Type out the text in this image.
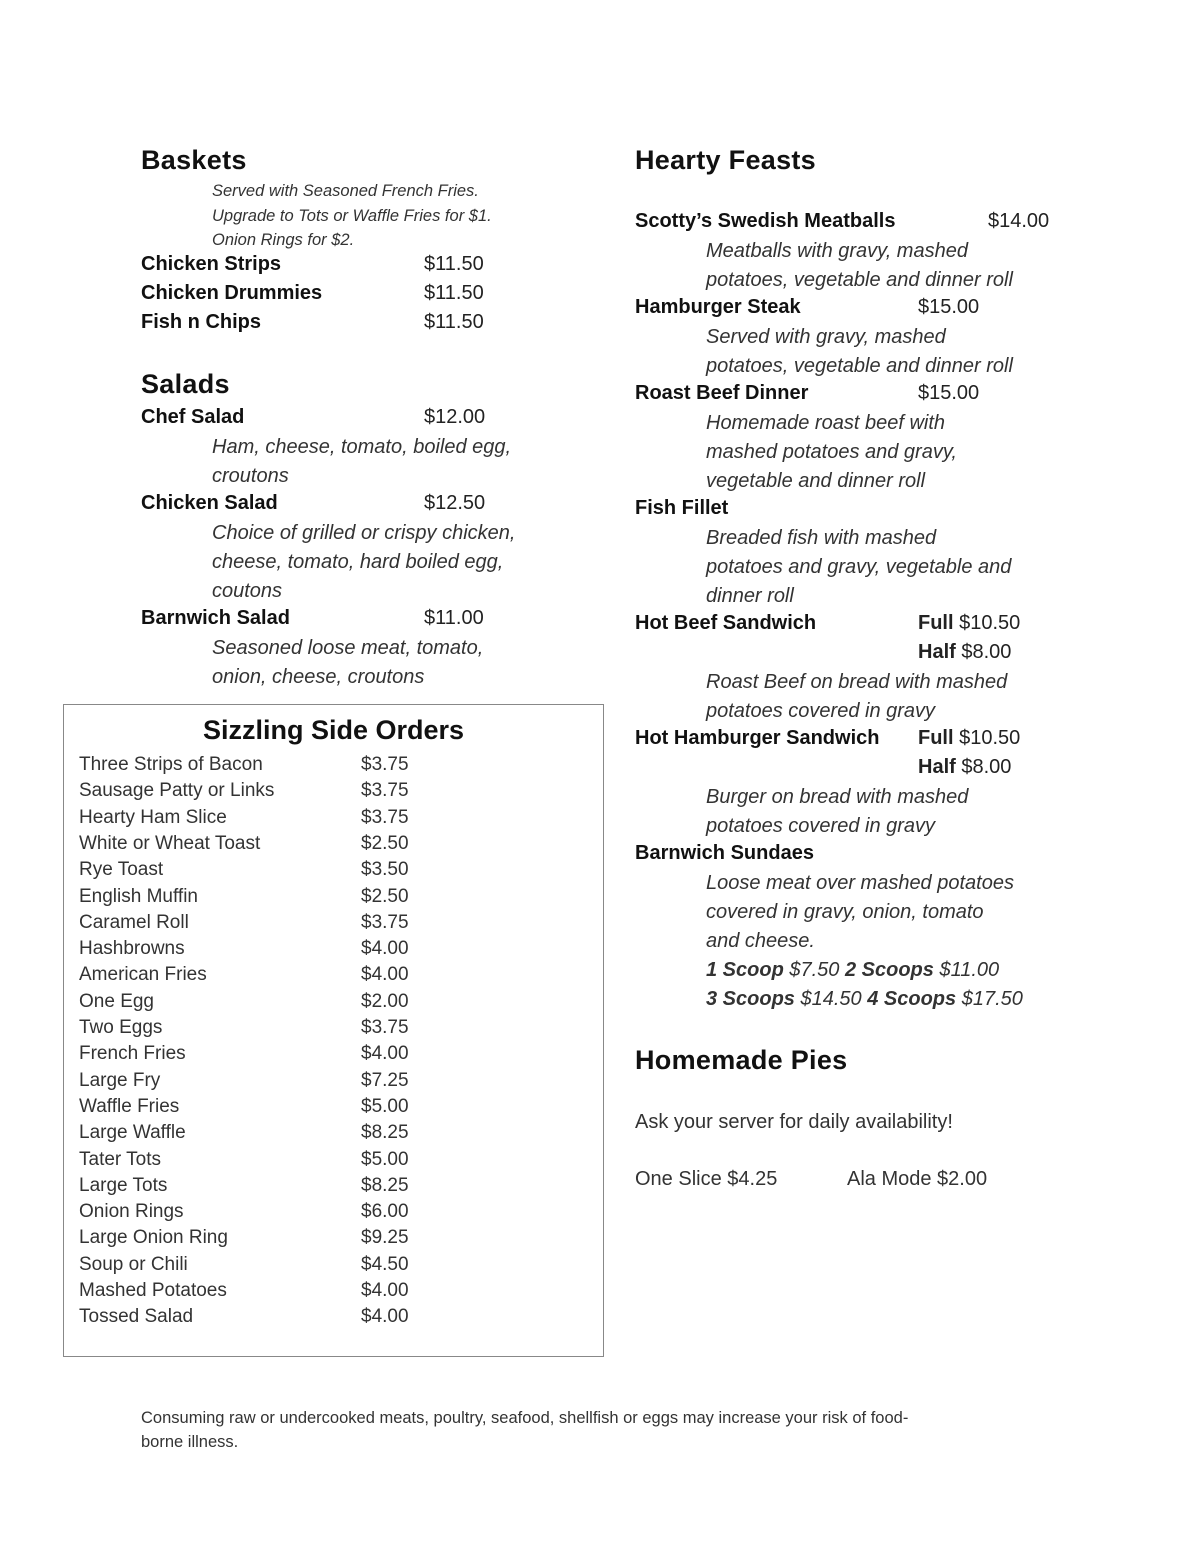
Baskets
Served with Seasoned French Fries.
Upgrade to Tots or Waffle Fries for $1.
Onion Rings for $2.
Chicken Strips	$11.50
Chicken Drummies	$11.50
Fish n Chips	$11.50
Salads
Chef Salad	$12.00
Ham, cheese, tomato, boiled egg,
croutons
Chicken Salad	$12.50
Choice of grilled or crispy chicken,
cheese, tomato, hard boiled egg,
coutons
Barnwich Salad	$11.00
Seasoned loose meat, tomato,
onion, cheese, croutons
Sizzling Side Orders
Three Strips of Bacon	$3.75
Sausage Patty or Links	$3.75
Hearty Ham Slice	$3.75
White or Wheat Toast	$2.50
Rye Toast	$3.50
English Muffin	$2.50
Caramel Roll	$3.75
Hashbrowns	$4.00
American Fries	$4.00
One Egg	$2.00
Two Eggs	$3.75
French Fries	$4.00
Large Fry	$7.25
Waffle Fries	$5.00
Large Waffle	$8.25
Tater Tots	$5.00
Large Tots	$8.25
Onion Rings	$6.00
Large Onion Ring	$9.25
Soup or Chili	$4.50
Mashed Potatoes	$4.00
Tossed Salad	$4.00
Hearty Feasts
Scotty’s Swedish Meatballs	$14.00
Meatballs with gravy, mashed
potatoes, vegetable and dinner roll
Hamburger Steak	$15.00
Served with gravy, mashed
potatoes, vegetable and dinner roll
Roast Beef Dinner	$15.00
Homemade roast beef with
mashed potatoes and gravy,
vegetable and dinner roll
Fish Fillet
Breaded fish with mashed
potatoes and gravy, vegetable and
dinner roll
Hot Beef Sandwich	Full $10.50
Half $8.00
Roast Beef on bread with mashed
potatoes covered in gravy
Hot Hamburger Sandwich Full $10.50
Half $8.00
Burger on bread with mashed
potatoes covered in gravy
Barnwich Sundaes
Loose meat over mashed potatoes
covered in gravy, onion, tomato
and cheese.
1 Scoop $7.50 2 Scoops $11.00
3 Scoops $14.50 4 Scoops $17.50
Homemade Pies
Ask your server for daily availability!
One Slice $4.25	Ala Mode $2.00
Consuming raw or undercooked meats, poultry, seafood, shellfish or eggs may increase your risk of food-
borne illness.
